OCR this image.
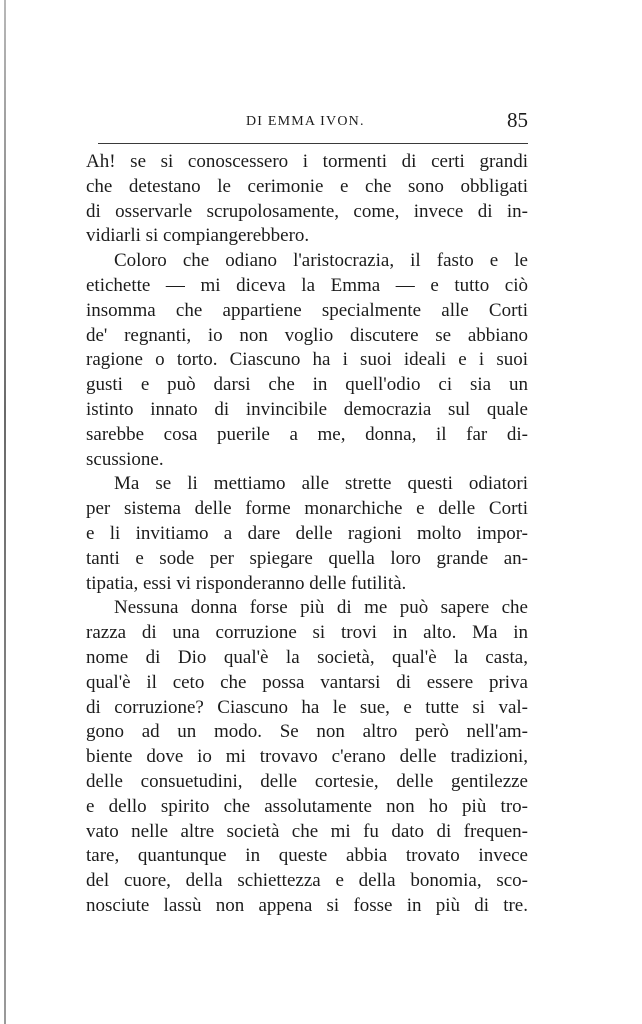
DI EMMA IVON.	85
Ah! se si conoscessero i tormenti di certi grandi
che detestano le cerimonie e che sono obbligati
di osservarle scrupolosamente, come, invece di in-
vidiarli si compiangerebbero.
Coloro che odiano l'aristocrazia, il fasto e le
etichette — mi diceva la Emma — e tutto ciò
insomma che appartiene specialmente alle Corti
de' regnanti, io non voglio discutere se abbiano
ragione o torto. Ciascuno ha i suoi ideali e i suoi
gusti e può darsi che in quell'odio ci sia un
istinto innato di invincibile democrazia sul quale
sarebbe cosa puerile a me, donna, il far di-
scussione.
Ma se li mettiamo alle strette questi odiatori
per sistema delle forme monarchiche e delle Corti
e li invitiamo a dare delle ragioni molto impor-
tanti e sode per spiegare quella loro grande an-
tipatia, essi vi risponderanno delle futilità.
Nessuna donna forse più di me può sapere che
razza di una corruzione si trovi in alto. Ma in
nome di Dio qual'è la società, qual'è la casta,
qual'è il ceto che possa vantarsi di essere priva
di corruzione? Ciascuno ha le sue, e tutte si val-
gono ad un modo. Se non altro però nell'am-
biente dove io mi trovavo c'erano delle tradizioni,
delle consuetudini, delle cortesie, delle gentilezze
e dello spirito che assolutamente non ho più tro-
vato nelle altre società che mi fu dato di frequen-
tare, quantunque in queste abbia trovato invece
del cuore, della schiettezza e della bonomia, sco-
nosciute lassù non appena si fosse in più di tre.
